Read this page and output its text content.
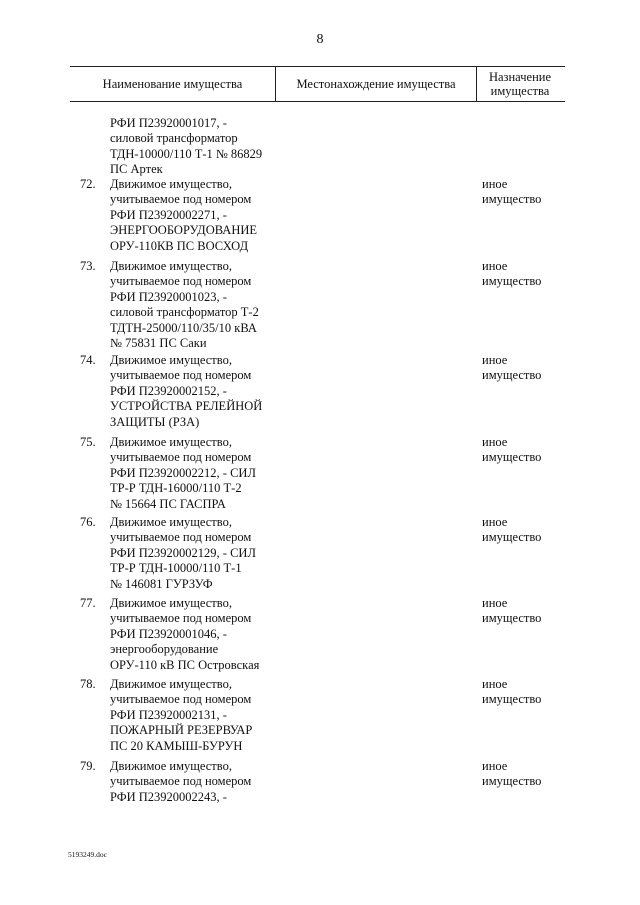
8
Наименование имущества	Местонахождение имущества	Назначение
имущества
РФИ П23920001017, -
силовой трансформатор
ТДН-10000/110 Т-1 № 86829
ПС Артек
72. Движимое имущество,
учитываемое под номером
РФИ П23920002271, -
ЭНЕРГООБОРУДОВАНИЕ
ОРУ-110КВ ПС ВОСХОД
иное
имущество
73. Движимое имущество,
учитываемое под номером
РФИ П23920001023, -
силовой трансформатор Т-2
ТДТН-25000/110/35/10 кВА
№ 75831 ПС Саки
иное
имущество
74. Движимое имущество,
учитываемое под номером
РФИ П23920002152, -
УСТРОЙСТВА РЕЛЕЙНОЙ
ЗАЩИТЫ (РЗА)
иное
имущество
75. Движимое имущество,
учитываемое под номером
РФИ П23920002212, - СИЛ
ТР-Р ТДН-16000/110 Т-2
№ 15664 ПС ГАСПРА
иное
имущество
76. Движимое имущество,
учитываемое под номером
РФИ П23920002129, - СИЛ
ТР-Р ТДН-10000/110 Т-1
№ 146081 ГУРЗУФ
иное
имущество
77. Движимое имущество,
учитываемое под номером
РФИ П23920001046, -
энергооборудование
ОРУ-110 кВ ПС Островская
иное
имущество
78. Движимое имущество,
учитываемое под номером
РФИ П23920002131, -
ПОЖАРНЫЙ РЕЗЕРВУАР
ПС 20 КАМЫШ-БУРУН
иное
имущество
79. Движимое имущество,
учитываемое под номером
РФИ П23920002243, -
иное
имущество
5193249.doc
